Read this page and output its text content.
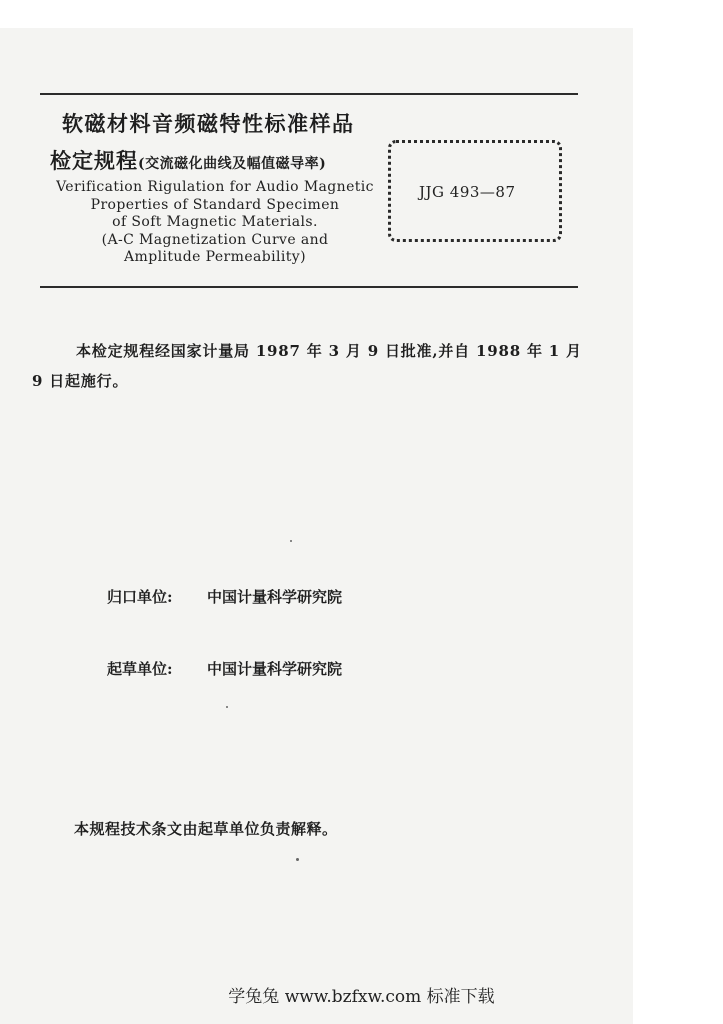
软磁材料音频磁特性标准样品
检定规程(交流磁化曲线及幅值磁导率)
Verification Rigulation for Audio Magnetic
Properties of Standard Specimen
of Soft Magnetic Materials.
(A-C Magnetization Curve and
Amplitude Permeability)
JJG 493—87
本检定规程经国家计量局 1987 年 3 月 9 日批准,并自 1988 年 1 月 9 日起施行。
归口单位: 中国计量科学研究院
起草单位: 中国计量科学研究院
本规程技术条文由起草单位负责解释。
学兔兔 www.bzfxw.com 标准下载
